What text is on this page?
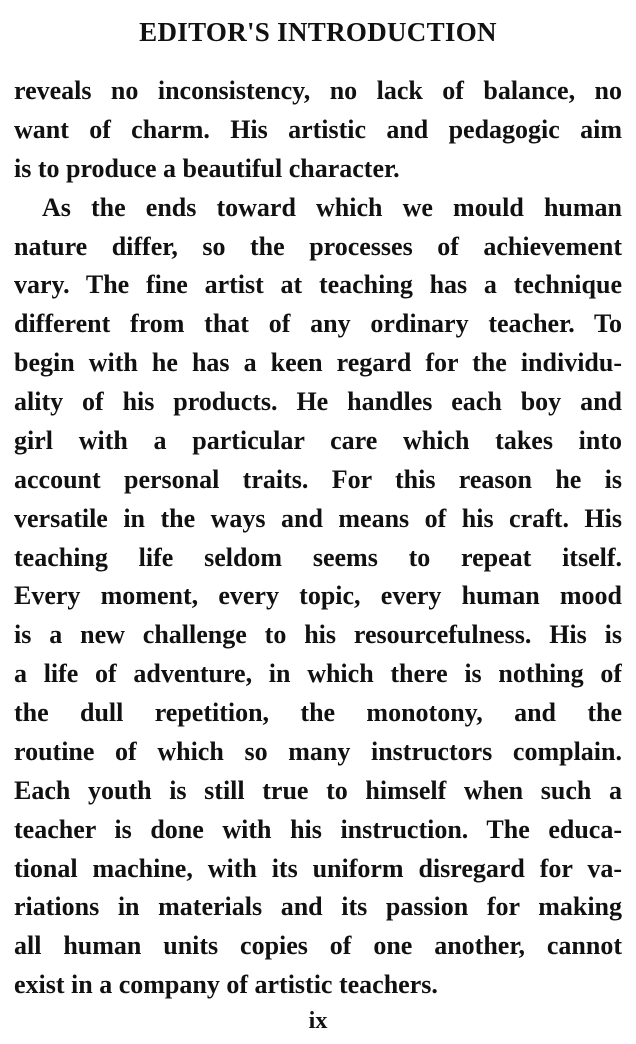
EDITOR'S INTRODUCTION
reveals no inconsistency, no lack of balance, no
want of charm. His artistic and pedagogic aim
is to produce a beautiful character.
As the ends toward which we mould human
nature differ, so the processes of achievement
vary. The fine artist at teaching has a technique
different from that of any ordinary teacher. To
begin with he has a keen regard for the individu-
ality of his products. He handles each boy and
girl with a particular care which takes into
account personal traits. For this reason he is
versatile in the ways and means of his craft. His
teaching life seldom seems to repeat itself.
Every moment, every topic, every human mood
is a new challenge to his resourcefulness. His is
a life of adventure, in which there is nothing of
the dull repetition, the monotony, and the
routine of which so many instructors complain.
Each youth is still true to himself when such a
teacher is done with his instruction. The educa-
tional machine, with its uniform disregard for va-
riations in materials and its passion for making
all human units copies of one another, cannot
exist in a company of artistic teachers.
ix
